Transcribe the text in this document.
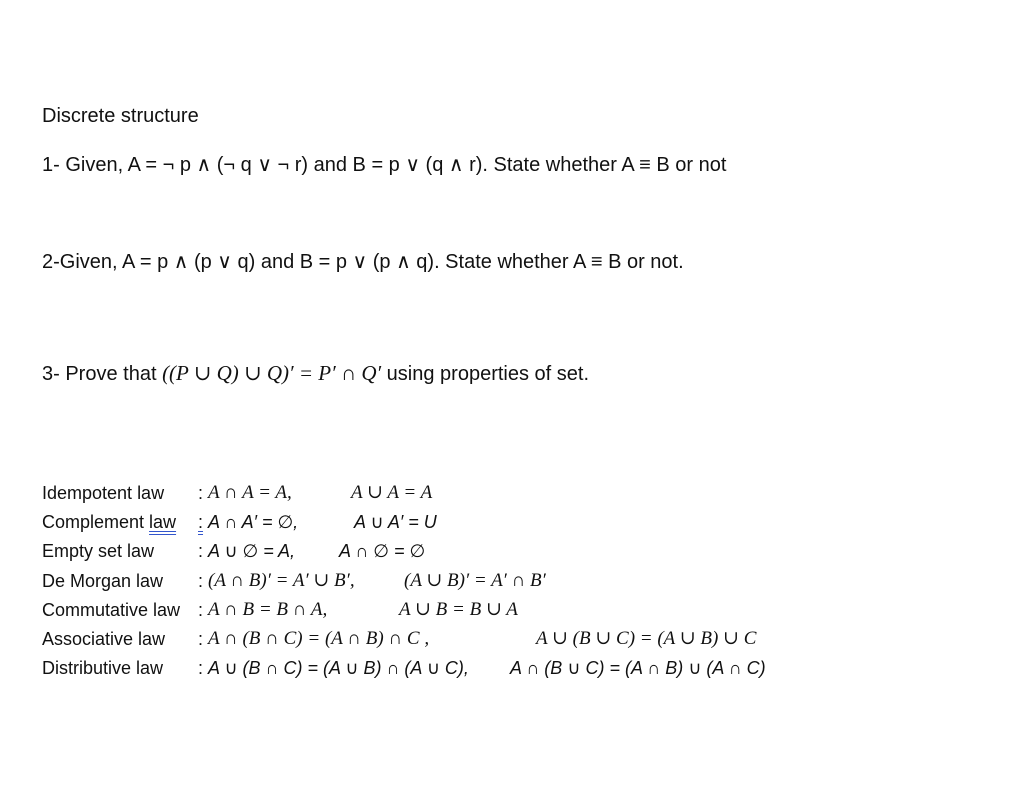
Discrete structure
1- Given, A = ¬ p ∧ (¬ q ∨ ¬ r) and B = p ∨ (q ∧ r). State whether A ≡ B or not
2-Given, A = p ∧ (p ∨ q) and B = p ∨ (p ∧ q). State whether A ≡ B or not.
3- Prove that ((P ∪ Q) ∪ Q)′ = P′ ∩ Q′ using properties of set.
Idempotent law : A ∩ A = A,	A ∪ A = A
Complement law : A ∩ A′ = ∅,	A ∪ A′ = U
Empty set law : A ∪ ∅ = A, A ∩ ∅ = ∅
De Morgan law : (A ∩ B)′ = A′ ∪ B′,	(A ∪ B)′ = A′ ∩ B′
Commutative law : A ∩ B = B ∩ A,	A ∪ B = B ∪ A
Associative law : A ∩ (B ∩ C) = (A ∩ B) ∩ C ,	A ∪ (B ∪ C) = (A ∪ B) ∪ C
Distributive law : A ∪ (B ∩ C) = (A ∪ B) ∩ (A ∪ C), A ∩ (B ∪ C) = (A ∩ B) ∪ (A ∩ C)
